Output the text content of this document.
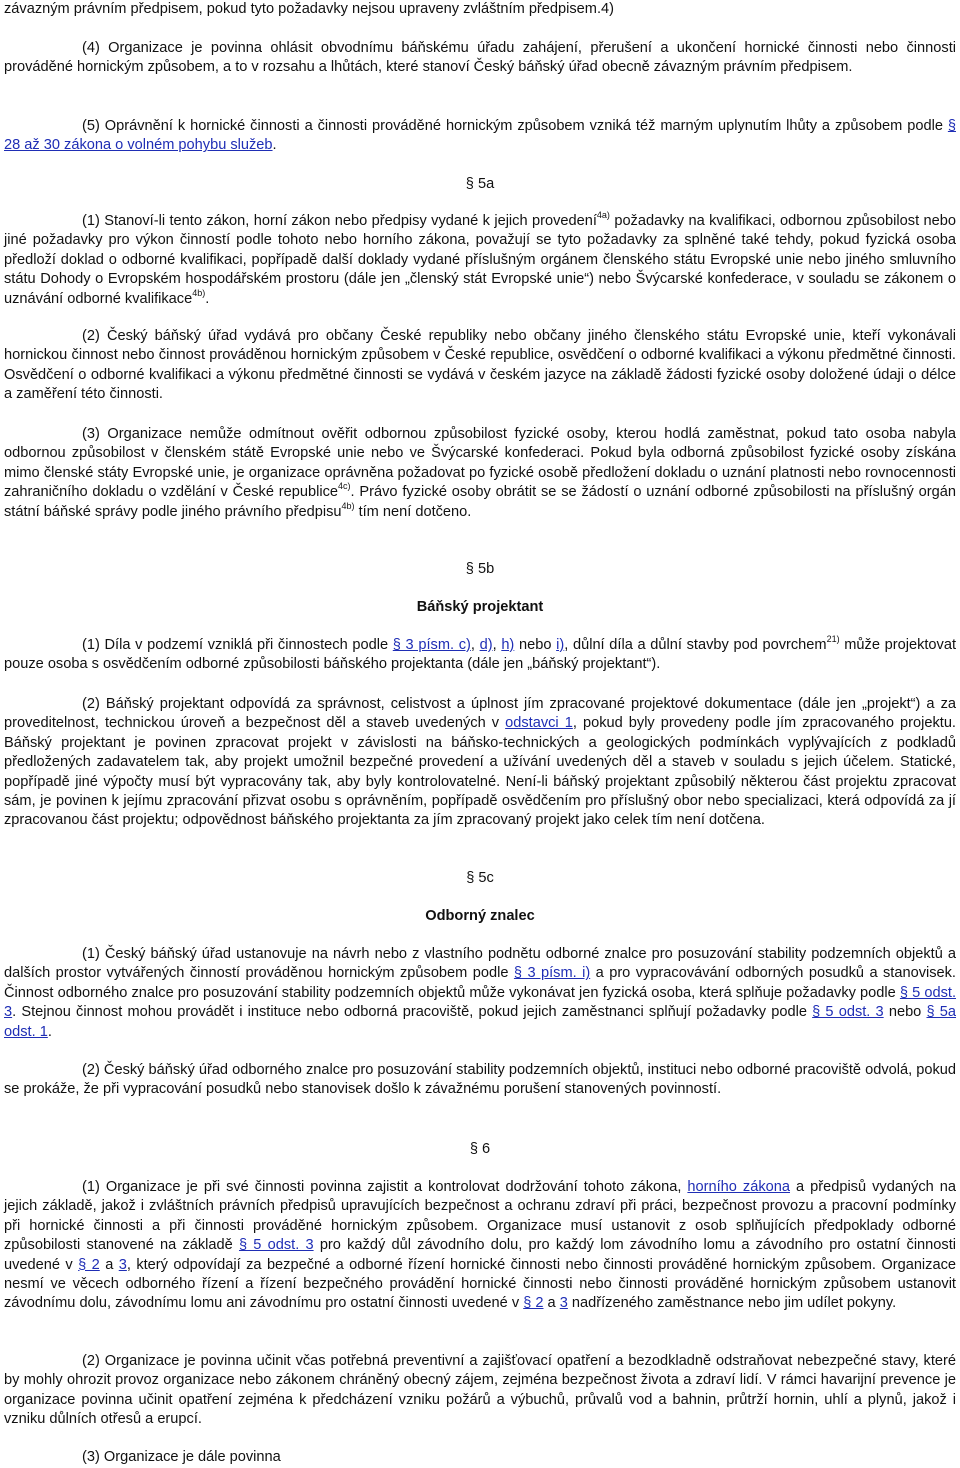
závazným právním předpisem, pokud tyto požadavky nejsou upraveny zvláštním předpisem.4)

(4) Organizace je povinna ohlásit obvodnímu báňskému úřadu zahájení, přerušení a ukončení hornické činnosti nebo činnosti prováděné hornickým způsobem, a to v rozsahu a lhůtách, které stanoví Český báňský úřad obecně závazným právním předpisem.

(5) Oprávnění k hornické činnosti a činnosti prováděné hornickým způsobem vzniká též marným uplynutím lhůty a způsobem podle § 28 až 30 zákona o volném pohybu služeb.

§ 5a

(1) Stanoví-li tento zákon, horní zákon nebo předpisy vydané k jejich provedení$^{4a)}$ požadavky na kvalifikaci, odbornou způsobilost nebo jiné požadavky pro výkon činností podle tohoto nebo horního zákona, považují se tyto požadavky za splněné také tehdy, pokud fyzická osoba předloží doklad o odborné kvalifikaci, popřípadě další doklady vydané příslušným orgánem členského státu Evropské unie nebo jiného smluvního státu Dohody o Evropském hospodářském prostoru (dále jen „členský stát Evropské unie“) nebo Švýcarské konfederace, v souladu se zákonem o uznávání odborné kvalifikace$^{4b)}$.

(2) Český báňský úřad vydává pro občany České republiky nebo občany jiného členského státu Evropské unie, kteří vykonávali hornickou činnost nebo činnost prováděnou hornickým způsobem v České republice, osvědčení o odborné kvalifikaci a výkonu předmětné činnosti. Osvědčení o odborné kvalifikaci a výkonu předmětné činnosti se vydává v českém jazyce na základě žádosti fyzické osoby doložené údaji o délce a zaměření této činnosti.

(3) Organizace nemůže odmítnout ověřit odbornou způsobilost fyzické osoby, kterou hodlá zaměstnat, pokud tato osoba nabyla odbornou způsobilost v členském státě Evropské unie nebo ve Švýcarské konfederaci. Pokud byla odborná způsobilost fyzické osoby získána mimo členské státy Evropské unie, je organizace oprávněna požadovat po fyzické osobě předložení dokladu o uznání platnosti nebo rovnocennosti zahraničního dokladu o vzdělání v České republice$^{4c)}$. Právo fyzické osoby obrátit se se žádostí o uznání odborné způsobilosti na příslušný orgán státní báňské správy podle jiného právního předpisu$^{4b)}$ tím není dotčeno.

§ 5b

Báňský projektant

(1) Díla v podzemí vzniklá při činnostech podle § 3 písm. c), d), h) nebo i), důlní díla a důlní stavby pod povrchem$^{21)}$ může projektovat pouze osoba s osvědčením odborné způsobilosti báňského projektanta (dále jen „báňský projektant“).

(2) Báňský projektant odpovídá za správnost, celistvost a úplnost jím zpracované projektové dokumentace (dále jen „projekt“) a za proveditelnost, technickou úroveň a bezpečnost děl a staveb uvedených v odstavci 1, pokud byly provedeny podle jím zpracovaného projektu. Báňský projektant je povinen zpracovat projekt v závislosti na báňsko-technických a geologických podmínkách vyplývajících z podkladů předložených zadavatelem tak, aby projekt umožnil bezpečné provedení a užívání uvedených děl a staveb v souladu s jejich účelem. Statické, popřípadě jiné výpočty musí být vypracovány tak, aby byly kontrolovatelné. Není-li báňský projektant způsobilý některou část projektu zpracovat sám, je povinen k jejímu zpracování přizvat osobu s oprávněním, popřípadě osvědčením pro příslušný obor nebo specializaci, která odpovídá za jí zpracovanou část projektu; odpovědnost báňského projektanta za jím zpracovaný projekt jako celek tím není dotčena.

§ 5c

Odborný znalec

(1) Český báňský úřad ustanovuje na návrh nebo z vlastního podnětu odborné znalce pro posuzování stability podzemních objektů a dalších prostor vytvářených činností prováděnou hornickým způsobem podle § 3 písm. i) a pro vypracovávání odborných posudků a stanovisek. Činnost odborného znalce pro posuzování stability podzemních objektů může vykonávat jen fyzická osoba, která splňuje požadavky podle § 5 odst. 3. Stejnou činnost mohou provádět i instituce nebo odborná pracoviště, pokud jejich zaměstnanci splňují požadavky podle § 5 odst. 3 nebo § 5a odst. 1.

(2) Český báňský úřad odborného znalce pro posuzování stability podzemních objektů, instituci nebo odborné pracoviště odvolá, pokud se prokáže, že při vypracování posudků nebo stanovisek došlo k závažnému porušení stanovených povinností.

§ 6

(1) Organizace je při své činnosti povinna zajistit a kontrolovat dodržování tohoto zákona, horního zákona a předpisů vydaných na jejich základě, jakož i zvláštních právních předpisů upravujících bezpečnost a ochranu zdraví při práci, bezpečnost provozu a pracovní podmínky při hornické činnosti a při činnosti prováděné hornickým způsobem. Organizace musí ustanovit z osob splňujících předpoklady odborné způsobilosti stanovené na základě § 5 odst. 3 pro každý důl závodního dolu, pro každý lom závodního lomu a závodního pro ostatní činnosti uvedené v § 2 a 3, který odpovídají za bezpečné a odborné řízení hornické činnosti nebo činnosti prováděné hornickým způsobem. Organizace nesmí ve věcech odborného řízení a řízení bezpečného provádění hornické činnosti nebo činnosti prováděné hornickým způsobem ustanovit závodnímu dolu, závodnímu lomu ani závodnímu pro ostatní činnosti uvedené v § 2 a 3 nadřízeného zaměstnance nebo jim udílet pokyny.

(2) Organizace je povinna učinit včas potřebná preventivní a zajišťovací opatření a bezodkladně odstraňovat nebezpečné stavy, které by mohly ohrozit provoz organizace nebo zákonem chráněný obecný zájem, zejména bezpečnost života a zdraví lidí. V rámci havarijní prevence je organizace povinna učinit opatření zejména k předcházení vzniku požárů a výbuchů, průvalů vod a bahnin, průtrží hornin, uhlí a plynů, jakož i vzniku důlních otřesů a erupcí.

(3) Organizace je dále povinna
